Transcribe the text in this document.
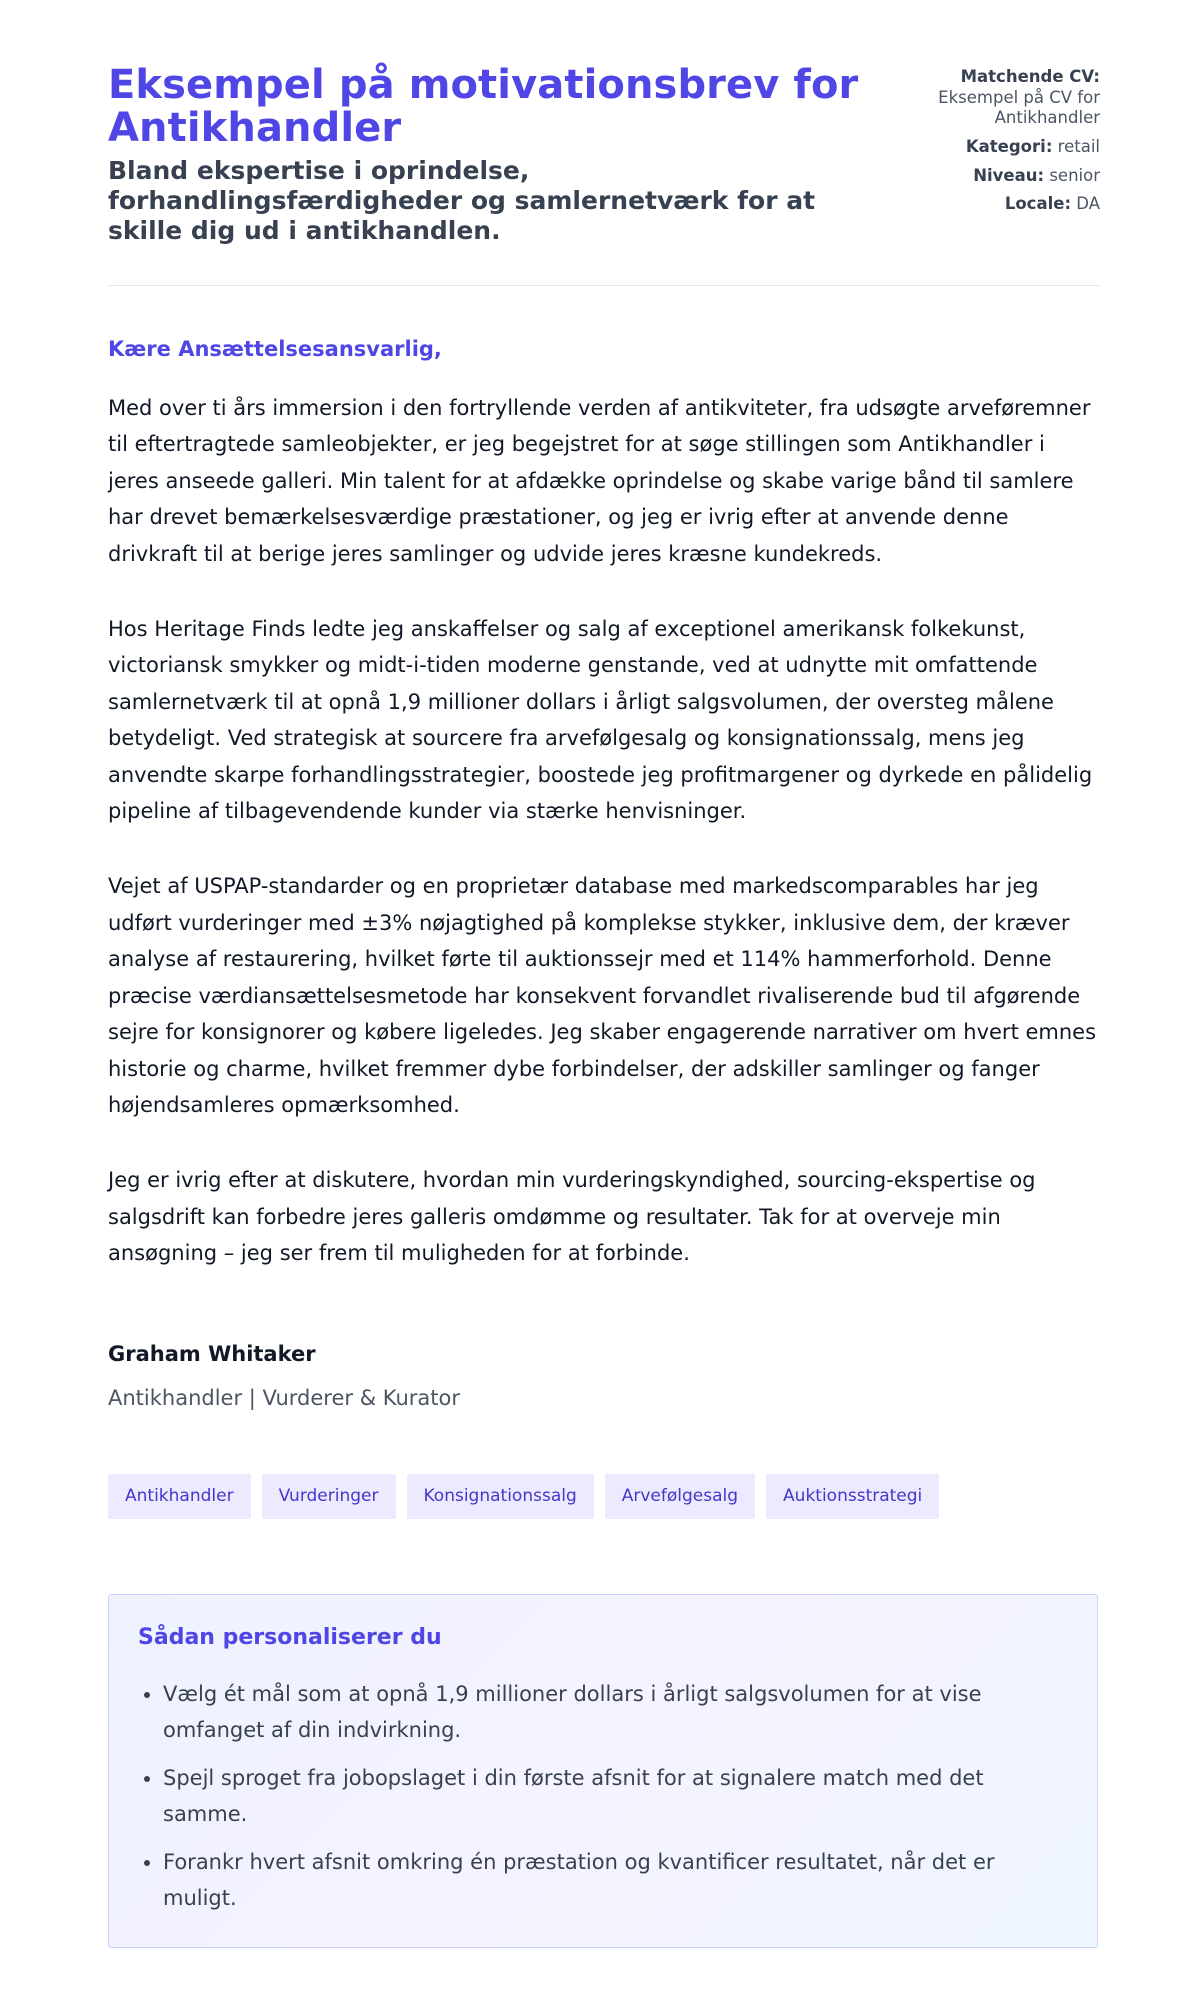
Eksempel på motivationsbrev for Antikhandler
Bland ekspertise i oprindelse, forhandlingsfærdigheder og samlernetværk for at skille dig ud i antikhandlen.
Matchende CV:
Eksempel på CV for Antikhandler
Kategori: retail
Niveau: senior
Locale: DA

Kære Ansættelsesansvarlig,

Med over ti års immersion i den fortryllende verden af antikviteter, fra udsøgte arveføremner til eftertragtede samleobjekter, er jeg begejstret for at søge stillingen som Antikhandler i jeres anseede galleri. Min talent for at afdække oprindelse og skabe varige bånd til samlere har drevet bemærkelsesværdige præstationer, og jeg er ivrig efter at anvende denne drivkraft til at berige jeres samlinger og udvide jeres kræsne kundekreds.

Hos Heritage Finds ledte jeg anskaffelser og salg af exceptionel amerikansk folkekunst, victoriansk smykker og midt-i-tiden moderne genstande, ved at udnytte mit omfattende samlernetværk til at opnå 1,9 millioner dollars i årligt salgsvolumen, der oversteg målene betydeligt. Ved strategisk at sourcere fra arvefølgesalg og konsignationssalg, mens jeg anvendte skarpe forhandlingsstrategier, boostede jeg profitmargener og dyrkede en pålidelig pipeline af tilbagevendende kunder via stærke henvisninger.

Vejet af USPAP-standarder og en proprietær database med markedscomparables har jeg udført vurderinger med ±3% nøjagtighed på komplekse stykker, inklusive dem, der kræver analyse af restaurering, hvilket førte til auktionssejr med et 114% hammerforhold. Denne præcise værdiansættelsesmetode har konsekvent forvandlet rivaliserende bud til afgørende sejre for konsignorer og købere ligeledes. Jeg skaber engagerende narrativer om hvert emnes historie og charme, hvilket fremmer dybe forbindelser, der adskiller samlinger og fanger højendsamleres opmærksomhed.

Jeg er ivrig efter at diskutere, hvordan min vurderingskyndighed, sourcing-ekspertise og salgsdrift kan forbedre jeres galleris omdømme og resultater. Tak for at overveje min ansøgning – jeg ser frem til muligheden for at forbinde.

Graham Whitaker

Antikhandler | Vurderer & Kurator

Antikhandler	Vurderinger	Konsignationssalg	Arvefølgesalg	Auktionsstrategi
Sådan personaliserer du
• Vælg ét mål som at opnå 1,9 millioner dollars i årligt salgsvolumen for at vise omfanget af din indvirkning.
• Spejl sproget fra jobopslaget i din første afsnit for at signalere match med det samme.
• Forankr hvert afsnit omkring én præstation og kvantificer resultatet, når det er muligt.
